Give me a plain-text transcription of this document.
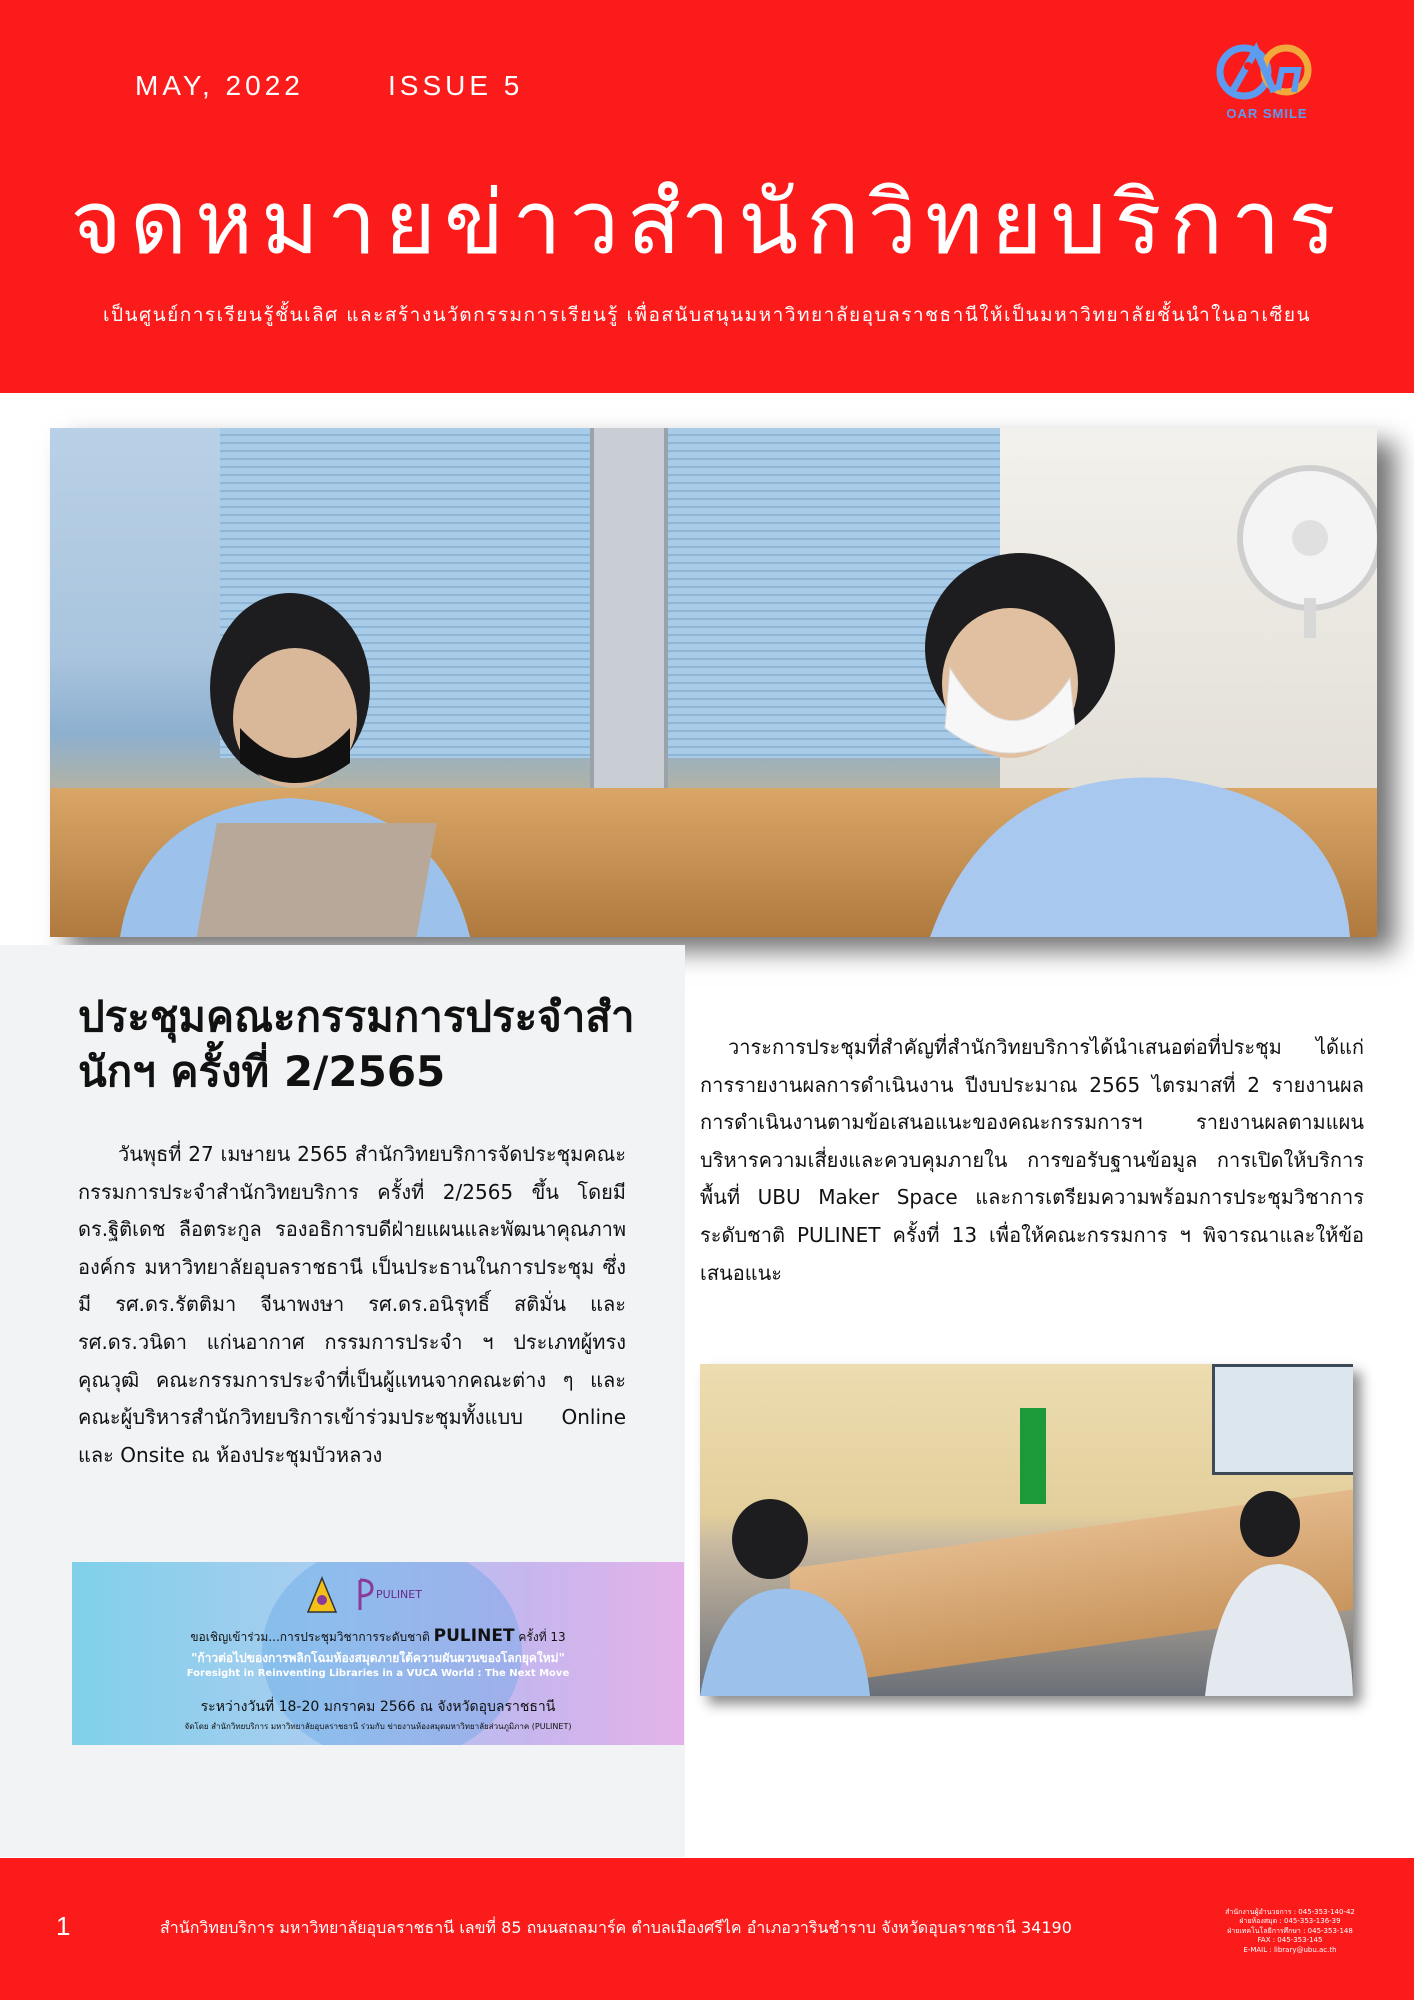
MAY, 2022	ISSUE 5
OAR SMILE
จดหมายข่าวสำนักวิทยบริการ
เป็นศูนย์การเรียนรู้ชั้นเลิศ และสร้างนวัตกรรมการเรียนรู้ เพื่อสนับสนุนมหาวิทยาลัยอุบลราชธานีให้เป็นมหาวิทยาลัยชั้นนำในอาเซียน
ประชุมคณะกรรมการประจำสำนักฯ ครั้งที่ 2/2565
วันพุธที่ 27 เมษายน 2565 สำนักวิทยบริการจัดประชุมคณะกรรมการประจำสำนักวิทยบริการ ครั้งที่ 2/2565 ขึ้น โดยมี ดร.ฐิติเดช ลือตระกูล รองอธิการบดีฝ่ายแผนและพัฒนาคุณภาพองค์กร มหาวิทยาลัยอุบลราชธานี เป็นประธานในการประชุม ซึ่งมี รศ.ดร.รัตติมา จีนาพงษา รศ.ดร.อนิรุทธิ์ สติมั่น และ รศ.ดร.วนิดา แก่นอากาศ กรรมการประจำ ฯ ประเภทผู้ทรงคุณวุฒิ คณะกรรมการประจำที่เป็นผู้แทนจากคณะต่าง ๆ และคณะผู้บริหารสำนักวิทยบริการเข้าร่วมประชุมทั้งแบบ Online และ Onsite ณ ห้องประชุมบัวหลวง
วาระการประชุมที่สำคัญที่สำนักวิทยบริการได้นำเสนอต่อที่ประชุม ได้แก่ การรายงานผลการดำเนินงาน ปีงบประมาณ 2565 ไตรมาสที่ 2 รายงานผลการดำเนินงานตามข้อเสนอแนะของคณะกรรมการฯ รายงานผลตามแผนบริหารความเสี่ยงและควบคุมภายใน การขอรับฐานข้อมูล การเปิดให้บริการพื้นที่ UBU Maker Space และการเตรียมความพร้อมการประชุมวิชาการระดับชาติ PULINET ครั้งที่ 13 เพื่อให้คณะกรรมการ ฯ พิจารณาและให้ข้อเสนอแนะ
PULINET
ขอเชิญเข้าร่วม...การประชุมวิชาการระดับชาติ PULINET ครั้งที่ 13
"ก้าวต่อไปของการพลิกโฉมห้องสมุดภายใต้ความผันผวนของโลกยุคใหม่"
Foresight in Reinventing Libraries in a VUCA World : The Next Move
ระหว่างวันที่ 18-20 มกราคม 2566 ณ จังหวัดอุบลราชธานี
จัดโดย สำนักวิทยบริการ มหาวิทยาลัยอุบลราชธานี ร่วมกับ ข่ายงานห้องสมุดมหาวิทยาลัยส่วนภูมิภาค (PULINET)
1	สำนักวิทยบริการ มหาวิทยาลัยอุบลราชธานี เลขที่ 85 ถนนสถลมาร์ค ตำบลเมืองศรีไค อำเภอวารินชำราบ จังหวัดอุบลราชธานี 34190
สำนักงานผู้อำนวยการ : 045-353-140-42
ฝ่ายห้องสมุด : 045-353-136-39
ฝ่ายเทคโนโลยีการศึกษา : 045-353-148
FAX : 045-353-145
E-MAIL : library@ubu.ac.th
